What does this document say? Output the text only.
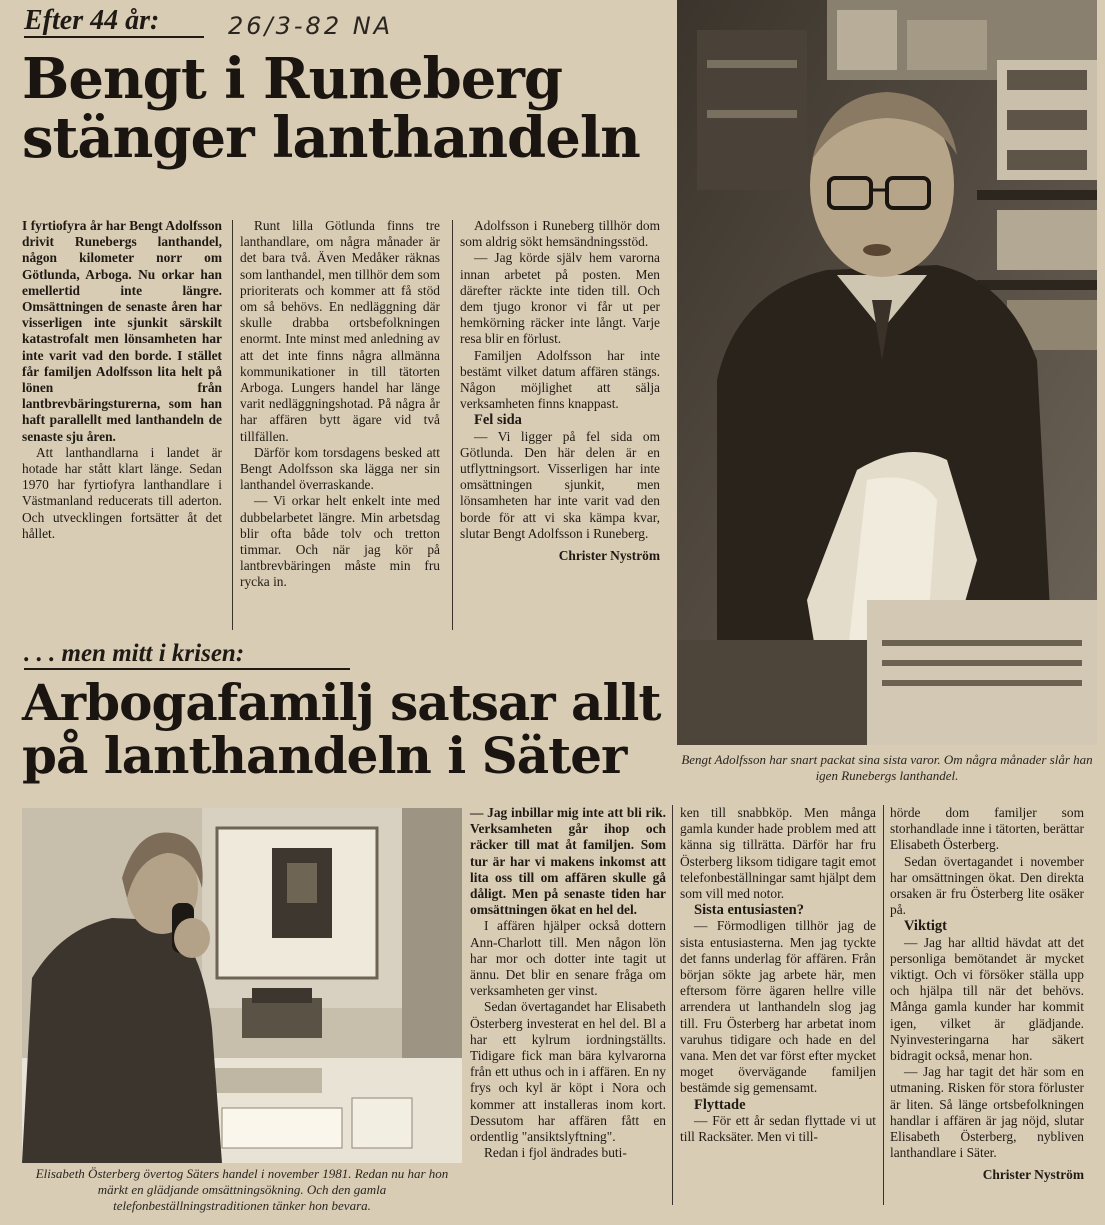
Efter 44 år:	26/3-82 NA

Bengt i Runeberg

stänger lanthandeln

I fyrtiofyra år har Bengt Adolfsson drivit Runebergs lanthandel, någon kilometer norr om Götlunda, Arboga. Nu orkar han emellertid inte längre. Omsättningen de senaste åren har visserligen inte sjunkit särskilt katastrofalt men lönsamheten har inte varit vad den borde. I stället får familjen Adolfsson lita helt på lönen från lantbrevbäringsturerna, som han haft parallellt med lanthandeln de senaste sju åren.

Att lanthandlarna i landet är hotade har stått klart länge. Sedan 1970 har fyrtiofyra lanthandlare i Västmanland reducerats till aderton. Och utvecklingen fortsätter åt det hållet.

Runt lilla Götlunda finns tre lanthandlare, om några månader är det bara två. Även Medåker räknas som lanthandel, men tillhör dem som prioriterats och kommer att få stöd om så behövs. En nedläggning där skulle drabba ortsbefolkningen enormt. Inte minst med anledning av att det inte finns några allmänna kommunikationer in till tätorten Arboga. Lungers handel har länge varit nedläggningshotad. På några år har affären bytt ägare vid två tillfällen.

Därför kom torsdagens besked att Bengt Adolfsson ska lägga ner sin lanthandel överraskande.

— Vi orkar helt enkelt inte med dubbelarbetet längre. Min arbetsdag blir ofta både tolv och tretton timmar. Och när jag kör på lantbrevbäringen måste min fru rycka in.

Adolfsson i Runeberg tillhör dom som aldrig sökt hemsändningsstöd.

— Jag körde själv hem varorna innan arbetet på posten. Men därefter räckte inte tiden till. Och dem tjugo kronor vi får ut per hemkörning räcker inte långt. Varje resa blir en förlust.

Familjen Adolfsson har inte bestämt vilket datum affären stängs. Någon möjlighet att sälja verksamheten finns knappast.

Fel sida

— Vi ligger på fel sida om Götlunda. Den här delen är en utflyttningsort. Visserligen har inte omsättningen sjunkit, men lönsamheten har inte varit vad den borde för att vi ska kämpa kvar, slutar Bengt Adolfsson i Runeberg.

Christer Nyström
Bengt Adolfsson har snart packat sina sista varor. Om några månader slår han igen Runebergs lanthandel.

. . . men mitt i krisen:

Arbogafamilj satsar allt

på lanthandeln i Säter

Elisabeth Österberg övertog Säters handel i november 1981. Redan nu har hon märkt en glädjande omsättningsökning. Och den gamla telefonbeställningstraditionen tänker hon bevara.

— Jag inbillar mig inte att bli rik. Verksamheten går ihop och räcker till mat åt familjen. Som tur är har vi makens inkomst att lita oss till om affären skulle gå dåligt. Men på senaste tiden har omsättningen ökat en hel del.

I affären hjälper också dottern Ann-Charlott till. Men någon lön har mor och dotter inte tagit ut ännu. Det blir en senare fråga om verksamheten ger vinst.

Sedan övertagandet har Elisabeth Österberg investerat en hel del. Bl a har ett kylrum iordningställts. Tidigare fick man bära kylvarorna från ett uthus och in i affären. En ny frys och kyl är köpt i Nora och kommer att installeras inom kort. Dessutom har affären fått en ordentlig "ansiktslyftning".

Redan i fjol ändrades buti-

ken till snabbköp. Men många gamla kunder hade problem med att känna sig tillrätta. Därför har fru Österberg liksom tidigare tagit emot telefonbeställningar samt hjälpt dem som vill med notor.

Sista entusiasten?

— Förmodligen tillhör jag de sista entusiasterna. Men jag tyckte det fanns underlag för affären. Från början sökte jag arbete här, men eftersom förre ägaren hellre ville arrendera ut lanthandeln slog jag till. Fru Österberg har arbetat inom varuhus tidigare och hade en del vana. Men det var först efter mycket moget övervägande familjen bestämde sig gemensamt.

Flyttade

— För ett år sedan flyttade vi ut till Racksäter. Men vi till-

hörde dom familjer som storhandlade inne i tätorten, berättar Elisabeth Österberg.

Sedan övertagandet i november har omsättningen ökat. Den direkta orsaken är fru Österberg lite osäker på.

Viktigt

— Jag har alltid hävdat att det personliga bemötandet är mycket viktigt. Och vi försöker ställa upp och hjälpa till när det behövs. Många gamla kunder har kommit igen, vilket är glädjande. Nyinvesteringarna har säkert bidragit också, menar hon.

— Jag har tagit det här som en utmaning. Risken för stora förluster är liten. Så länge ortsbefolkningen handlar i affären är jag nöjd, slutar Elisabeth Österberg, nybliven lanthandlare i Säter.

Christer Nyström
